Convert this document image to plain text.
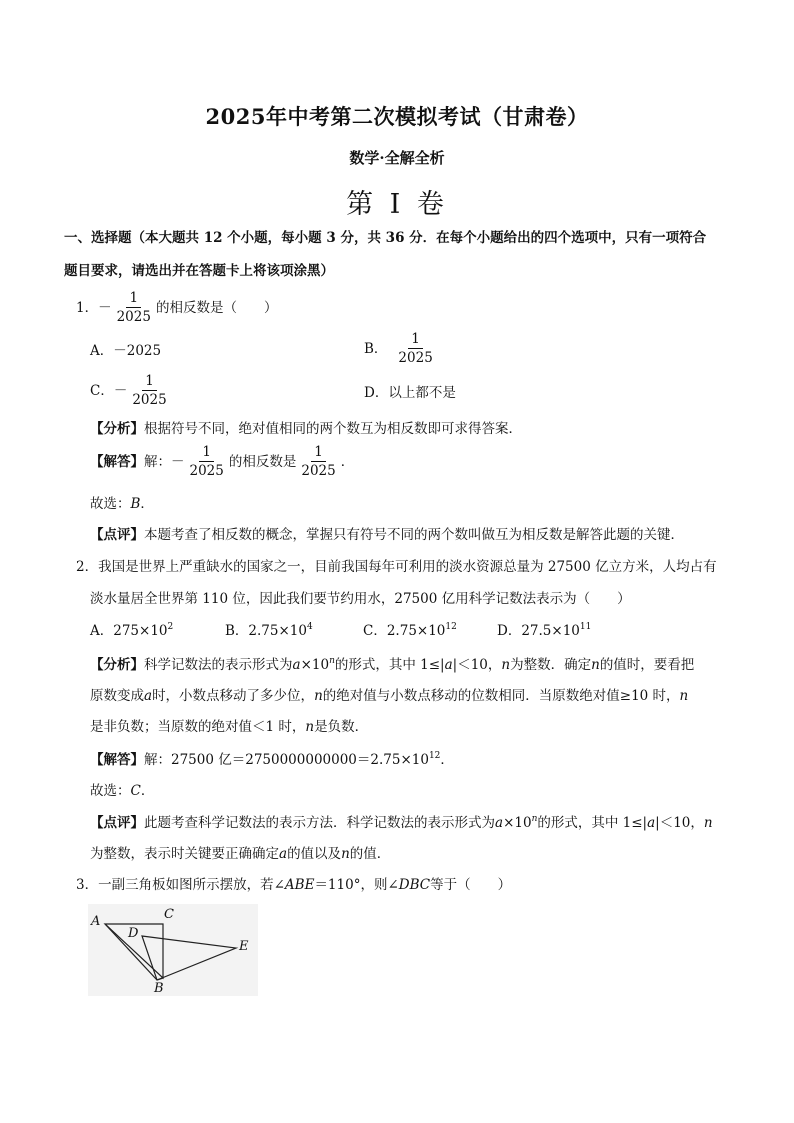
2025年中考第二次模拟考试（甘肃卷）
数学·全解全析
第 I 卷
一、选择题（本大题共 12 个小题，每小题 3 分，共 36 分．在每个小题给出的四个选项中，只有一项符合
题目要求，请选出并在答题卡上将该项涂黑）
1． － $\frac{1}{2025}$ 的相反数是（　　）
A．－2025	B． $\frac{1}{2025}$
C． － $\frac{1}{2025}$	D．以上都不是
【分析】根据符号不同，绝对值相同的两个数互为相反数即可求得答案．
【解答】 解：－ $\frac{1}{2025}$ 的相反数是 $\frac{1}{2025}$ ．
故选：B．
【点评】本题考查了相反数的概念，掌握只有符号不同的两个数叫做互为相反数是解答此题的关键．
2．我国是世界上严重缺水的国家之一，目前我国每年可利用的淡水资源总量为 27500 亿立方米，人均占有
淡水量居全世界第 110 位，因此我们要节约用水，27500 亿用科学记数法表示为（　　）
A．$275\times 10^2$	B．$2.75\times 10^4$	C．$2.75\times 10^{12}$	D．$27.5\times 10^{11}$
【分析】科学记数法的表示形式为$a\times 10^n$的形式，其中 1≤|a|＜10，n为整数．确定n的值时，要看把
原数变成a时，小数点移动了多少位，n的绝对值与小数点移动的位数相同．当原数绝对值≥10 时，n
是非负数；当原数的绝对值＜1 时，n是负数．
【解答】解：27500 亿$=2750000000000=2.75\times 10^{12}$．
故选：C．
【点评】此题考查科学记数法的表示方法．科学记数法的表示形式为$a\times 10^n$的形式，其中 1≤|a|＜10，n
为整数，表示时关键要正确确定a的值以及n的值．
3．一副三角板如图所示摆放，若∠ABE＝110°，则∠DBC等于（　　）
A	C
D
E
B
